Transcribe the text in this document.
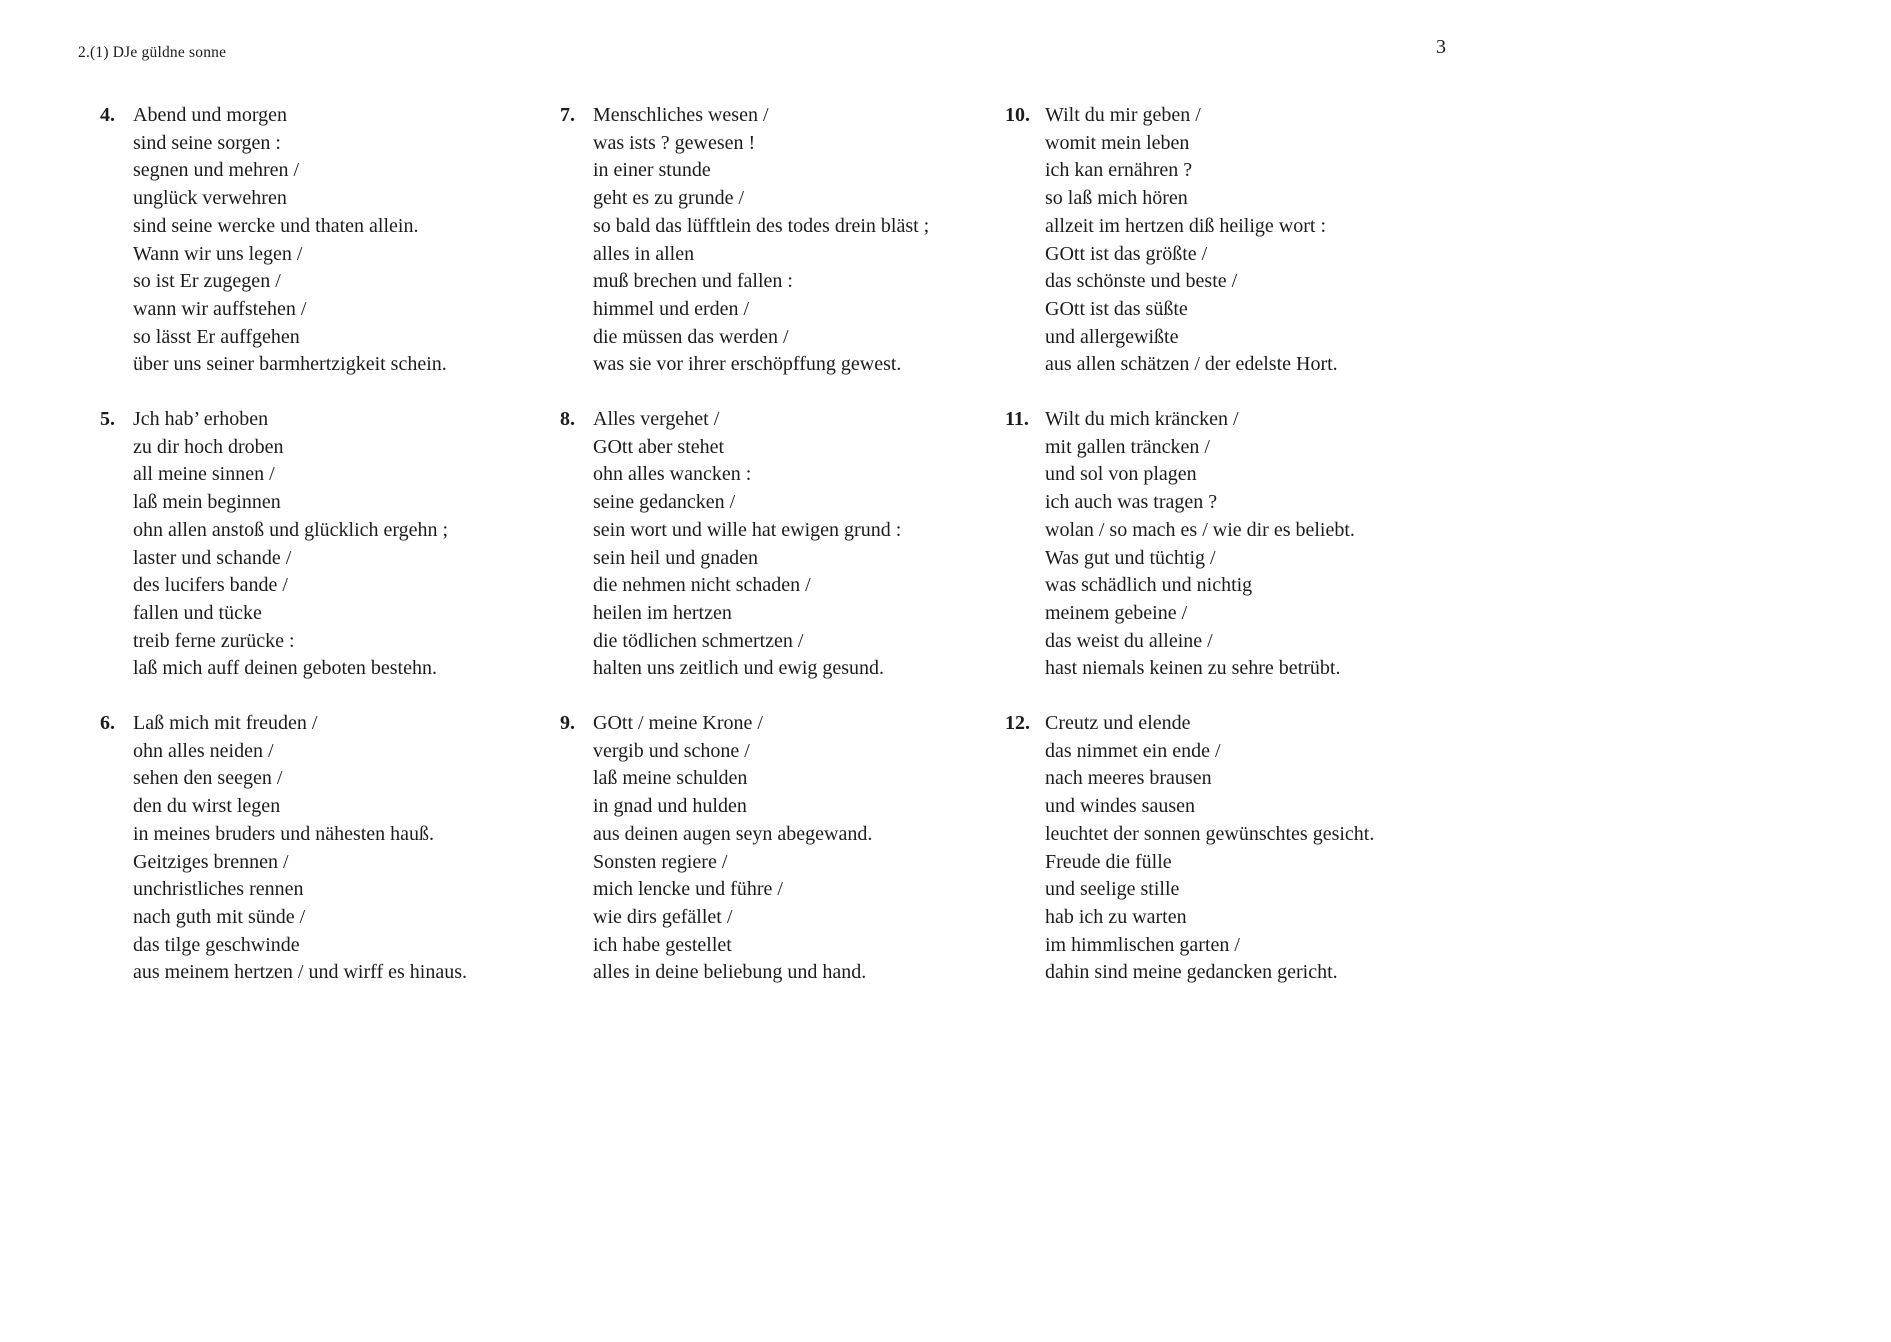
2.(1) DJe güldne sonne	3
4. Abend und morgen

sind seine sorgen :

segnen und mehren /

unglück verwehren

sind seine wercke und thaten allein.

Wann wir uns legen /

so ist Er zugegen /

wann wir auffstehen /

so lässt Er auffgehen

über uns seiner barmhertzigkeit schein.

5. Jch hab’ erhoben

zu dir hoch droben

all meine sinnen /

laß mein beginnen

ohn allen anstoß und glücklich ergehn ;

laster und schande /

des lucifers bande /

fallen und tücke

treib ferne zurücke :

laß mich auff deinen geboten bestehn.

6. Laß mich mit freuden /

ohn alles neiden /

sehen den seegen /

den du wirst legen

in meines bruders und nähesten hauß.

Geitziges brennen /

unchristliches rennen

nach guth mit sünde /

das tilge geschwinde

aus meinem hertzen / und wirff es hinaus.

7. Menschliches wesen /

was ists ? gewesen !

in einer stunde

geht es zu grunde /

so bald das lüfftlein des todes drein bläst ;

alles in allen

muß brechen und fallen :

himmel und erden /

die müssen das werden /

was sie vor ihrer erschöpffung gewest.

8. Alles vergehet /

GOtt aber stehet

ohn alles wancken :

seine gedancken /

sein wort und wille hat ewigen grund :

sein heil und gnaden

die nehmen nicht schaden /

heilen im hertzen

die tödlichen schmertzen /

halten uns zeitlich und ewig gesund.

9. GOtt / meine Krone /

vergib und schone /

laß meine schulden

in gnad und hulden

aus deinen augen seyn abegewand.

Sonsten regiere /

mich lencke und führe /

wie dirs gefället /

ich habe gestellet

alles in deine beliebung und hand.

10. Wilt du mir geben /

womit mein leben

ich kan ernähren ?

so laß mich hören

allzeit im hertzen diß heilige wort :

GOtt ist das größte /

das schönste und beste /

GOtt ist das süßte

und allergewißte

aus allen schätzen / der edelste Hort.

11. Wilt du mich kräncken /

mit gallen träncken /

und sol von plagen

ich auch was tragen ?

wolan / so mach es / wie dir es beliebt.

Was gut und tüchtig /

was schädlich und nichtig

meinem gebeine /

das weist du alleine /

hast niemals keinen zu sehre betrübt.

12. Creutz und elende

das nimmet ein ende /

nach meeres brausen

und windes sausen

leuchtet der sonnen gewünschtes gesicht.

Freude die fülle

und seelige stille

hab ich zu warten

im himmlischen garten /

dahin sind meine gedancken gericht.
